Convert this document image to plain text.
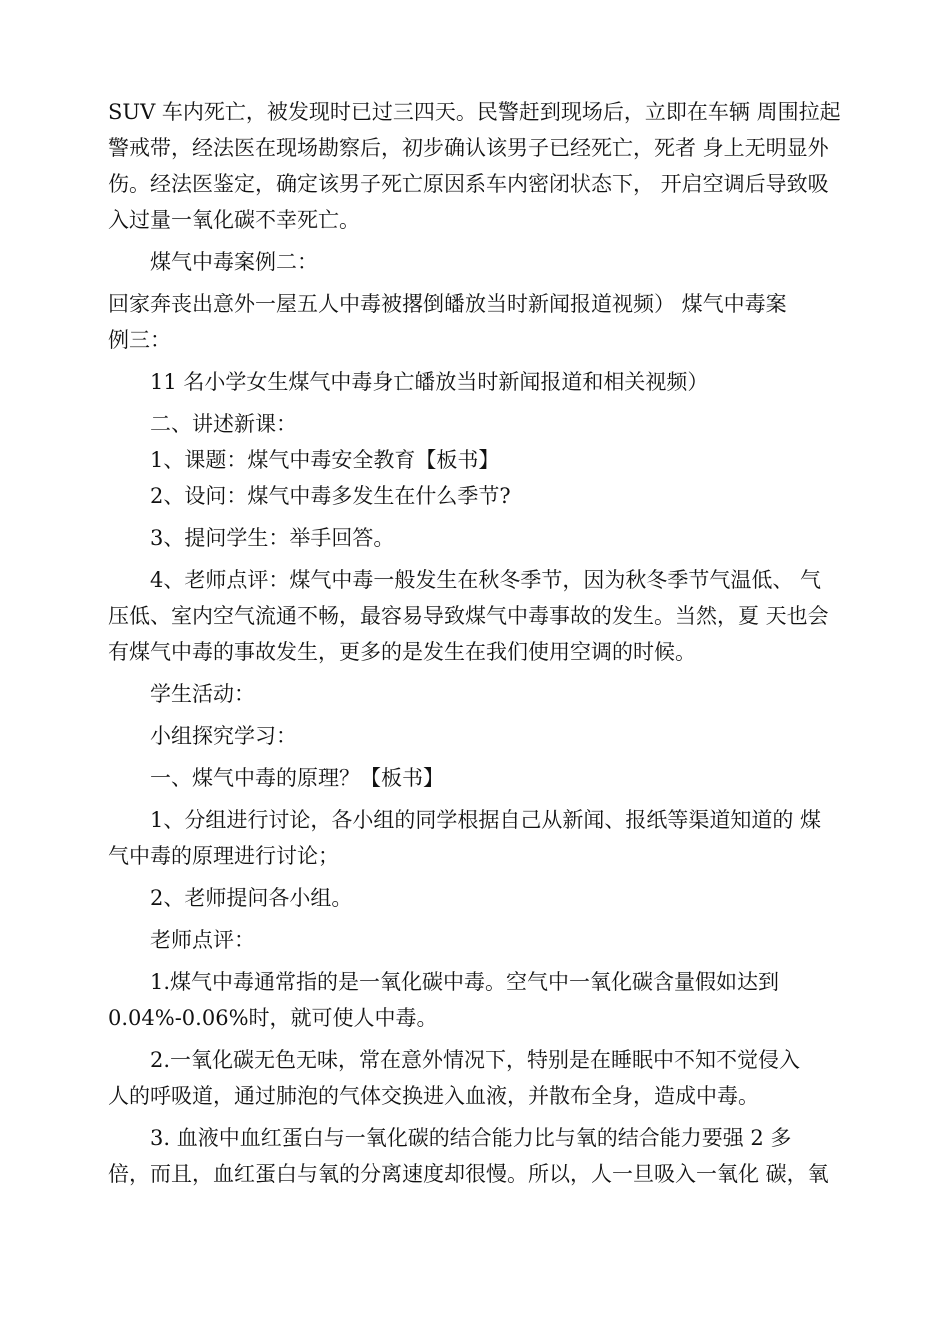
SUV 车内死亡，被发现时已过三四天。民警赶到现场后，立即在车辆 周围拉起

警戒带，经法医在现场勘察后，初步确认该男子已经死亡，死者 身上无明显外

伤。经法医鉴定，确定该男子死亡原因系车内密闭状态下， 开启空调后导致吸

入过量一氧化碳不幸死亡。

煤气中毒案例二：

回家奔丧出意外一屋五人中毒被撂倒皤放当时新闻报道视频） 煤气中毒案

例三：

11 名小学女生煤气中毒身亡皤放当时新闻报道和相关视频）

二、讲述新课：

1、课题：煤气中毒安全教育【板书】

2、设问：煤气中毒多发生在什么季节?

3、提问学生：举手回答。

4、老师点评：煤气中毒一般发生在秋冬季节，因为秋冬季节气温低、 气

压低、室内空气流通不畅，最容易导致煤气中毒事故的发生。当然，夏 天也会

有煤气中毒的事故发生，更多的是发生在我们使用空调的时候。

学生活动：

小组探究学习：

一、煤气中毒的原理？【板书】

1、分组进行讨论，各小组的同学根据自己从新闻、报纸等渠道知道的 煤

气中毒的原理进行讨论；

2、老师提问各小组。

老师点评：

1.煤气中毒通常指的是一氧化碳中毒。空气中一氧化碳含量假如达到

0.04%-0.06%时，就可使人中毒。

2.一氧化碳无色无味，常在意外情况下，特别是在睡眠中不知不觉侵入

人的呼吸道，通过肺泡的气体交换进入血液，并散布全身，造成中毒。

3. 血液中血红蛋白与一氧化碳的结合能力比与氧的结合能力要强 2 多

倍，而且，血红蛋白与氧的分离速度却很慢。所以，人一旦吸入一氧化 碳，氧
